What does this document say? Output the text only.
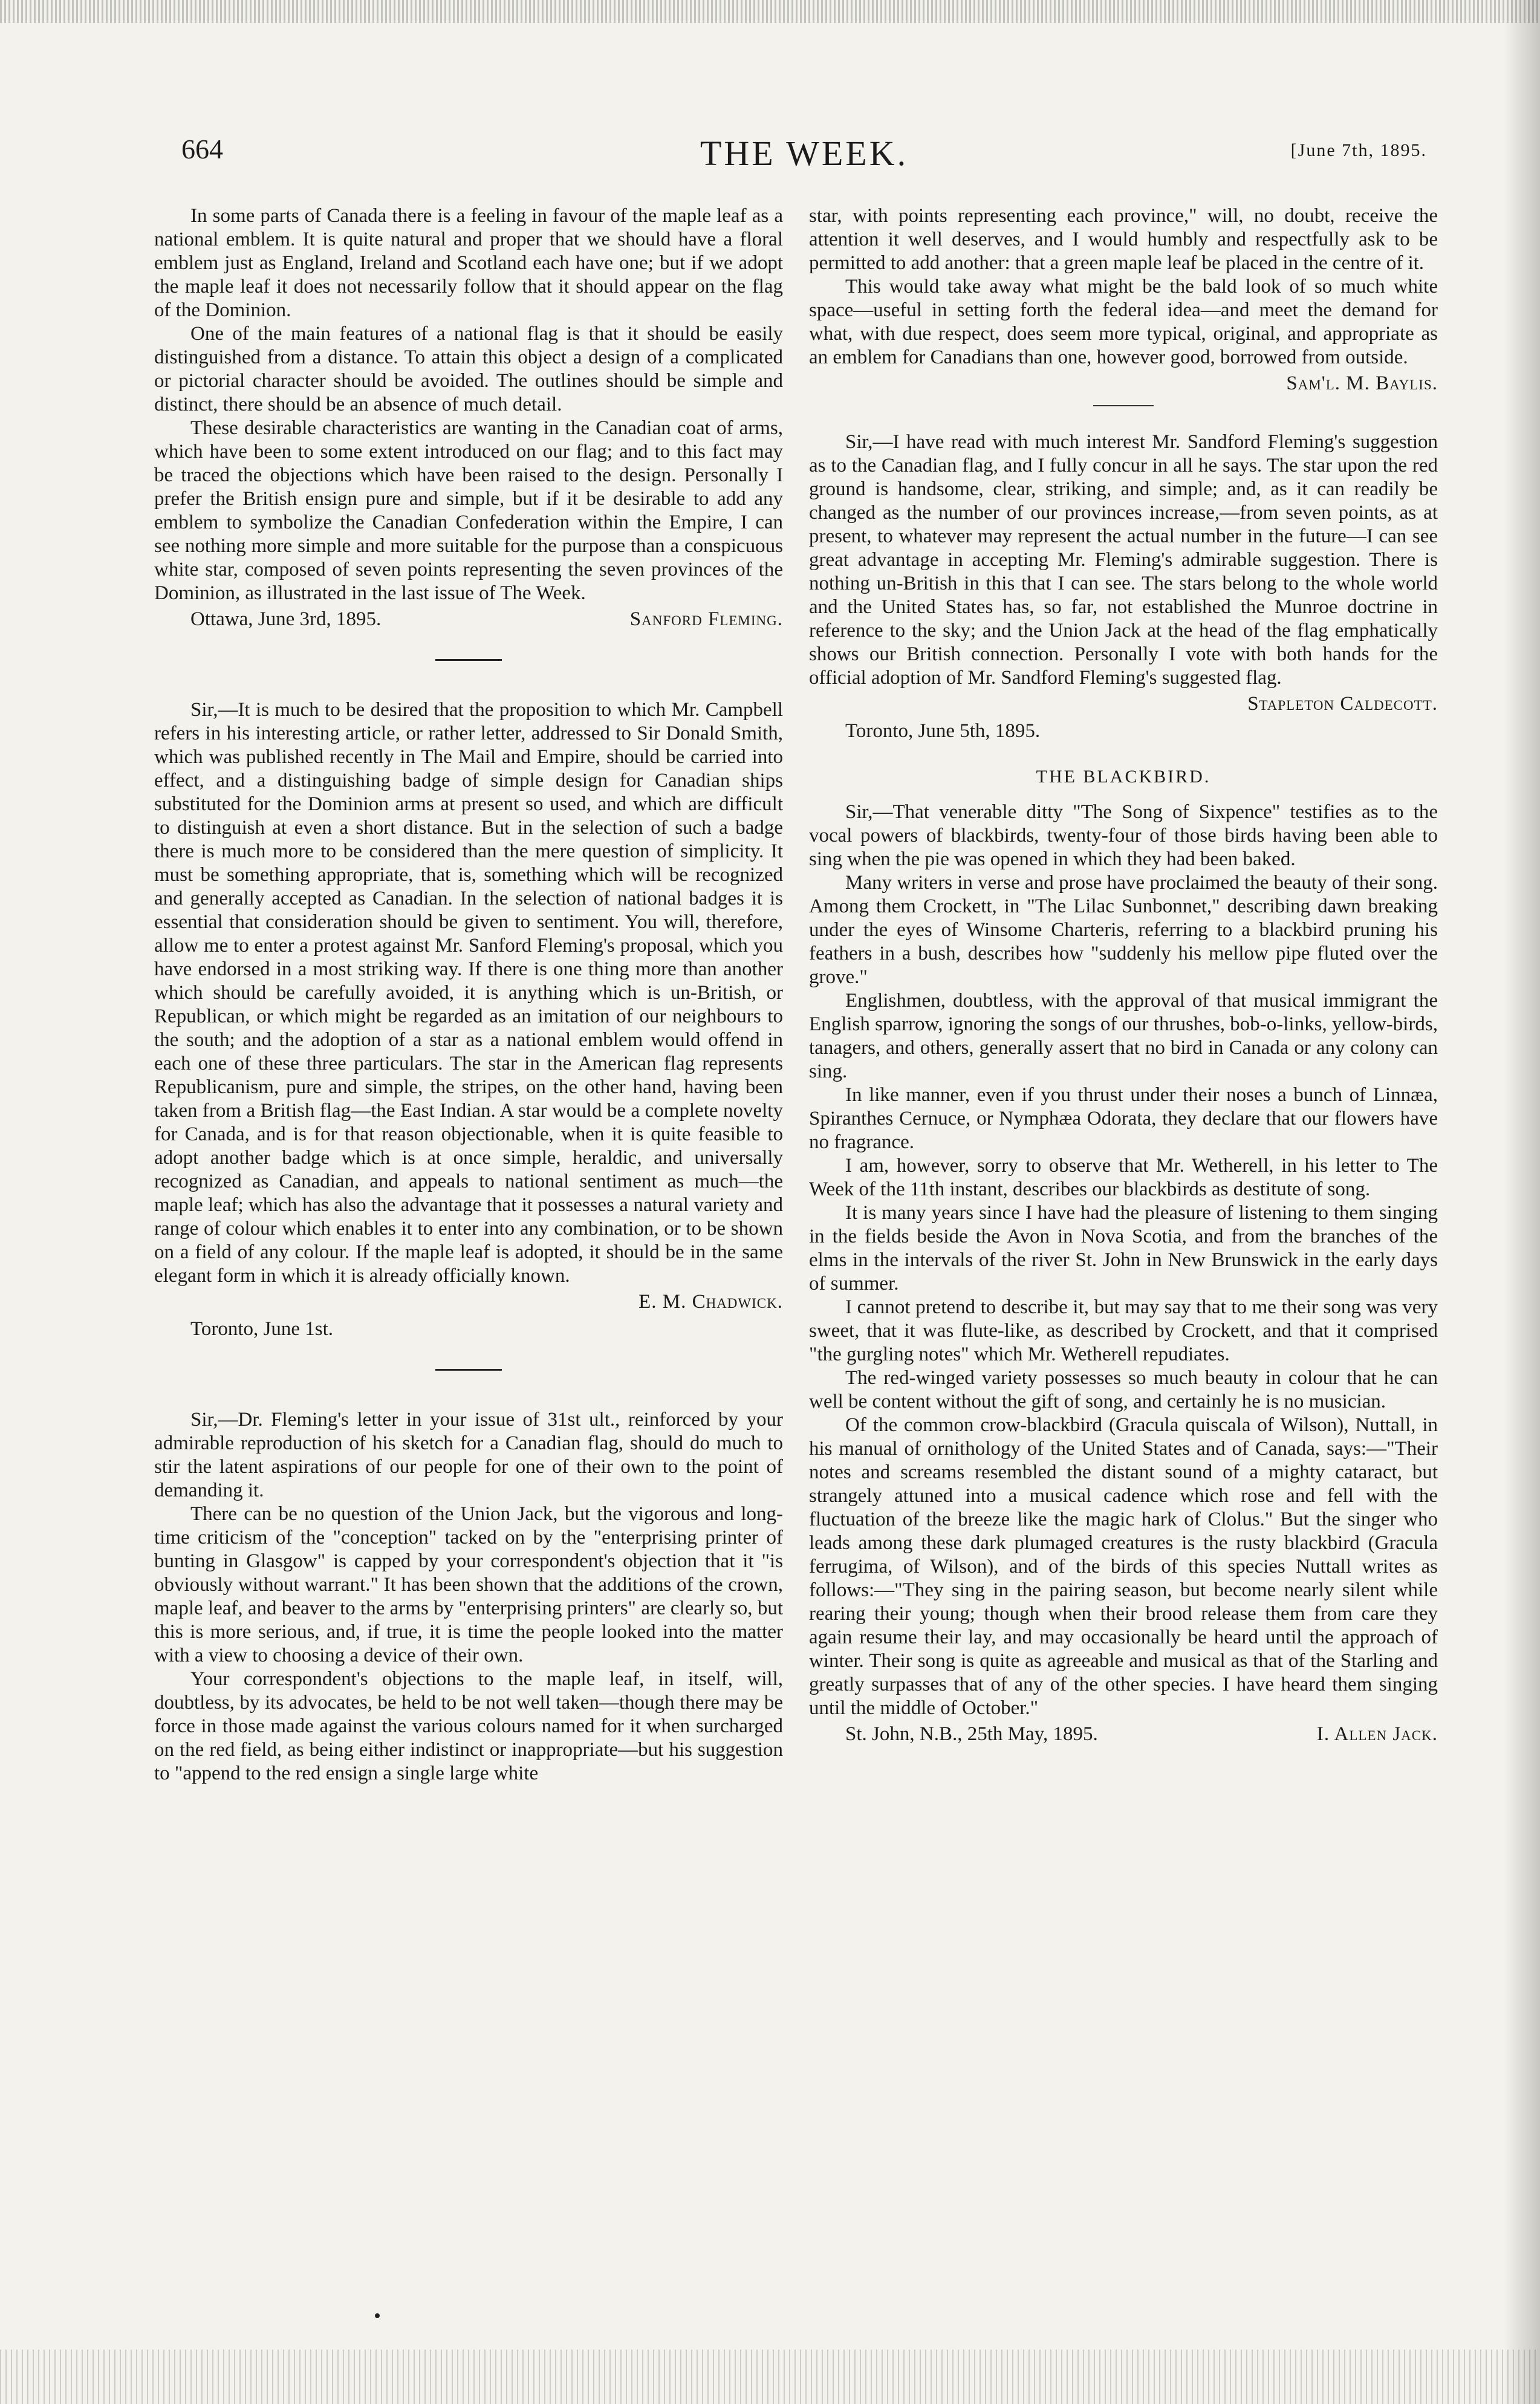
664	THE WEEK.	[June 7th, 1895.

In some parts of Canada there is a feeling in favour of the maple leaf as a national emblem. It is quite natural and proper that we should have a floral emblem just as England, Ireland and Scotland each have one; but if we adopt the maple leaf it does not necessarily follow that it should appear on the flag of the Dominion.

One of the main features of a national flag is that it should be easily distinguished from a distance. To attain this object a design of a complicated or pictorial character should be avoided. The outlines should be simple and distinct, there should be an absence of much detail.

These desirable characteristics are wanting in the Canadian coat of arms, which have been to some extent introduced on our flag; and to this fact may be traced the objections which have been raised to the design. Personally I prefer the British ensign pure and simple, but if it be desirable to add any emblem to symbolize the Canadian Confederation within the Empire, I can see nothing more simple and more suitable for the purpose than a conspicuous white star, composed of seven points representing the seven provinces of the Dominion, as illustrated in the last issue of The Week.

Ottawa, June 3rd, 1895.	Sanford Fleming.

Sir,—It is much to be desired that the proposition to which Mr. Campbell refers in his interesting article, or rather letter, addressed to Sir Donald Smith, which was published recently in The Mail and Empire, should be carried into effect, and a distinguishing badge of simple design for Canadian ships substituted for the Dominion arms at present so used, and which are difficult to distinguish at even a short distance. But in the selection of such a badge there is much more to be considered than the mere question of simplicity. It must be something appropriate, that is, something which will be recognized and generally accepted as Canadian. In the selection of national badges it is essential that consideration should be given to sentiment. You will, therefore, allow me to enter a protest against Mr. Sanford Fleming's proposal, which you have endorsed in a most striking way. If there is one thing more than another which should be carefully avoided, it is anything which is un-British, or Republican, or which might be regarded as an imitation of our neighbours to the south; and the adoption of a star as a national emblem would offend in each one of these three particulars. The star in the American flag represents Republicanism, pure and simple, the stripes, on the other hand, having been taken from a British flag—the East Indian. A star would be a complete novelty for Canada, and is for that reason objectionable, when it is quite feasible to adopt another badge which is at once simple, heraldic, and universally recognized as Canadian, and appeals to national sentiment as much—the maple leaf; which has also the advantage that it possesses a natural variety and range of colour which enables it to enter into any combination, or to be shown on a field of any colour. If the maple leaf is adopted, it should be in the same elegant form in which it is already officially known.

E. M. Chadwick.
Toronto, June 1st.

Sir,—Dr. Fleming's letter in your issue of 31st ult., reinforced by your admirable reproduction of his sketch for a Canadian flag, should do much to stir the latent aspirations of our people for one of their own to the point of demanding it.

There can be no question of the Union Jack, but the vigorous and long-time criticism of the "conception" tacked on by the "enterprising printer of bunting in Glasgow" is capped by your correspondent's objection that it "is obviously without warrant." It has been shown that the additions of the crown, maple leaf, and beaver to the arms by "enterprising printers" are clearly so, but this is more serious, and, if true, it is time the people looked into the matter with a view to choosing a device of their own.

Your correspondent's objections to the maple leaf, in itself, will, doubtless, by its advocates, be held to be not well taken—though there may be force in those made against the various colours named for it when surcharged on the red field, as being either indistinct or inappropriate—but his suggestion to "append to the red ensign a single large white

star, with points representing each province," will, no doubt, receive the attention it well deserves, and I would humbly and respectfully ask to be permitted to add another: that a green maple leaf be placed in the centre of it.

This would take away what might be the bald look of so much white space—useful in setting forth the federal idea—and meet the demand for what, with due respect, does seem more typical, original, and appropriate as an emblem for Canadians than one, however good, borrowed from outside.

Sam'l. M. Baylis.

Sir,—I have read with much interest Mr. Sandford Fleming's suggestion as to the Canadian flag, and I fully concur in all he says. The star upon the red ground is handsome, clear, striking, and simple; and, as it can readily be changed as the number of our provinces increase,—from seven points, as at present, to whatever may represent the actual number in the future—I can see great advantage in accepting Mr. Fleming's admirable suggestion. There is nothing un-British in this that I can see. The stars belong to the whole world and the United States has, so far, not established the Munroe doctrine in reference to the sky; and the Union Jack at the head of the flag emphatically shows our British connection. Personally I vote with both hands for the official adoption of Mr. Sandford Fleming's suggested flag.

Stapleton Caldecott.
Toronto, June 5th, 1895.
THE BLACKBIRD.

Sir,—That venerable ditty "The Song of Sixpence" testifies as to the vocal powers of blackbirds, twenty-four of those birds having been able to sing when the pie was opened in which they had been baked.

Many writers in verse and prose have proclaimed the beauty of their song. Among them Crockett, in "The Lilac Sunbonnet," describing dawn breaking under the eyes of Winsome Charteris, referring to a blackbird pruning his feathers in a bush, describes how "suddenly his mellow pipe fluted over the grove."

Englishmen, doubtless, with the approval of that musical immigrant the English sparrow, ignoring the songs of our thrushes, bob-o-links, yellow-birds, tanagers, and others, generally assert that no bird in Canada or any colony can sing.

In like manner, even if you thrust under their noses a bunch of Linnæa, Spiranthes Cernuce, or Nymphæa Odorata, they declare that our flowers have no fragrance.

I am, however, sorry to observe that Mr. Wetherell, in his letter to The Week of the 11th instant, describes our blackbirds as destitute of song.

It is many years since I have had the pleasure of listening to them singing in the fields beside the Avon in Nova Scotia, and from the branches of the elms in the intervals of the river St. John in New Brunswick in the early days of summer.

I cannot pretend to describe it, but may say that to me their song was very sweet, that it was flute-like, as described by Crockett, and that it comprised "the gurgling notes" which Mr. Wetherell repudiates.

The red-winged variety possesses so much beauty in colour that he can well be content without the gift of song, and certainly he is no musician.

Of the common crow-blackbird (Gracula quiscala of Wilson), Nuttall, in his manual of ornithology of the United States and of Canada, says:—"Their notes and screams resembled the distant sound of a mighty cataract, but strangely attuned into a musical cadence which rose and fell with the fluctuation of the breeze like the magic hark of Clolus." But the singer who leads among these dark plumaged creatures is the rusty blackbird (Gracula ferrugima, of Wilson), and of the birds of this species Nuttall writes as follows:—"They sing in the pairing season, but become nearly silent while rearing their young; though when their brood release them from care they again resume their lay, and may occasionally be heard until the approach of winter. Their song is quite as agreeable and musical as that of the Starling and greatly surpasses that of any of the other species. I have heard them singing until the middle of October."

St. John, N.B., 25th May, 1895.	I. Allen Jack.
